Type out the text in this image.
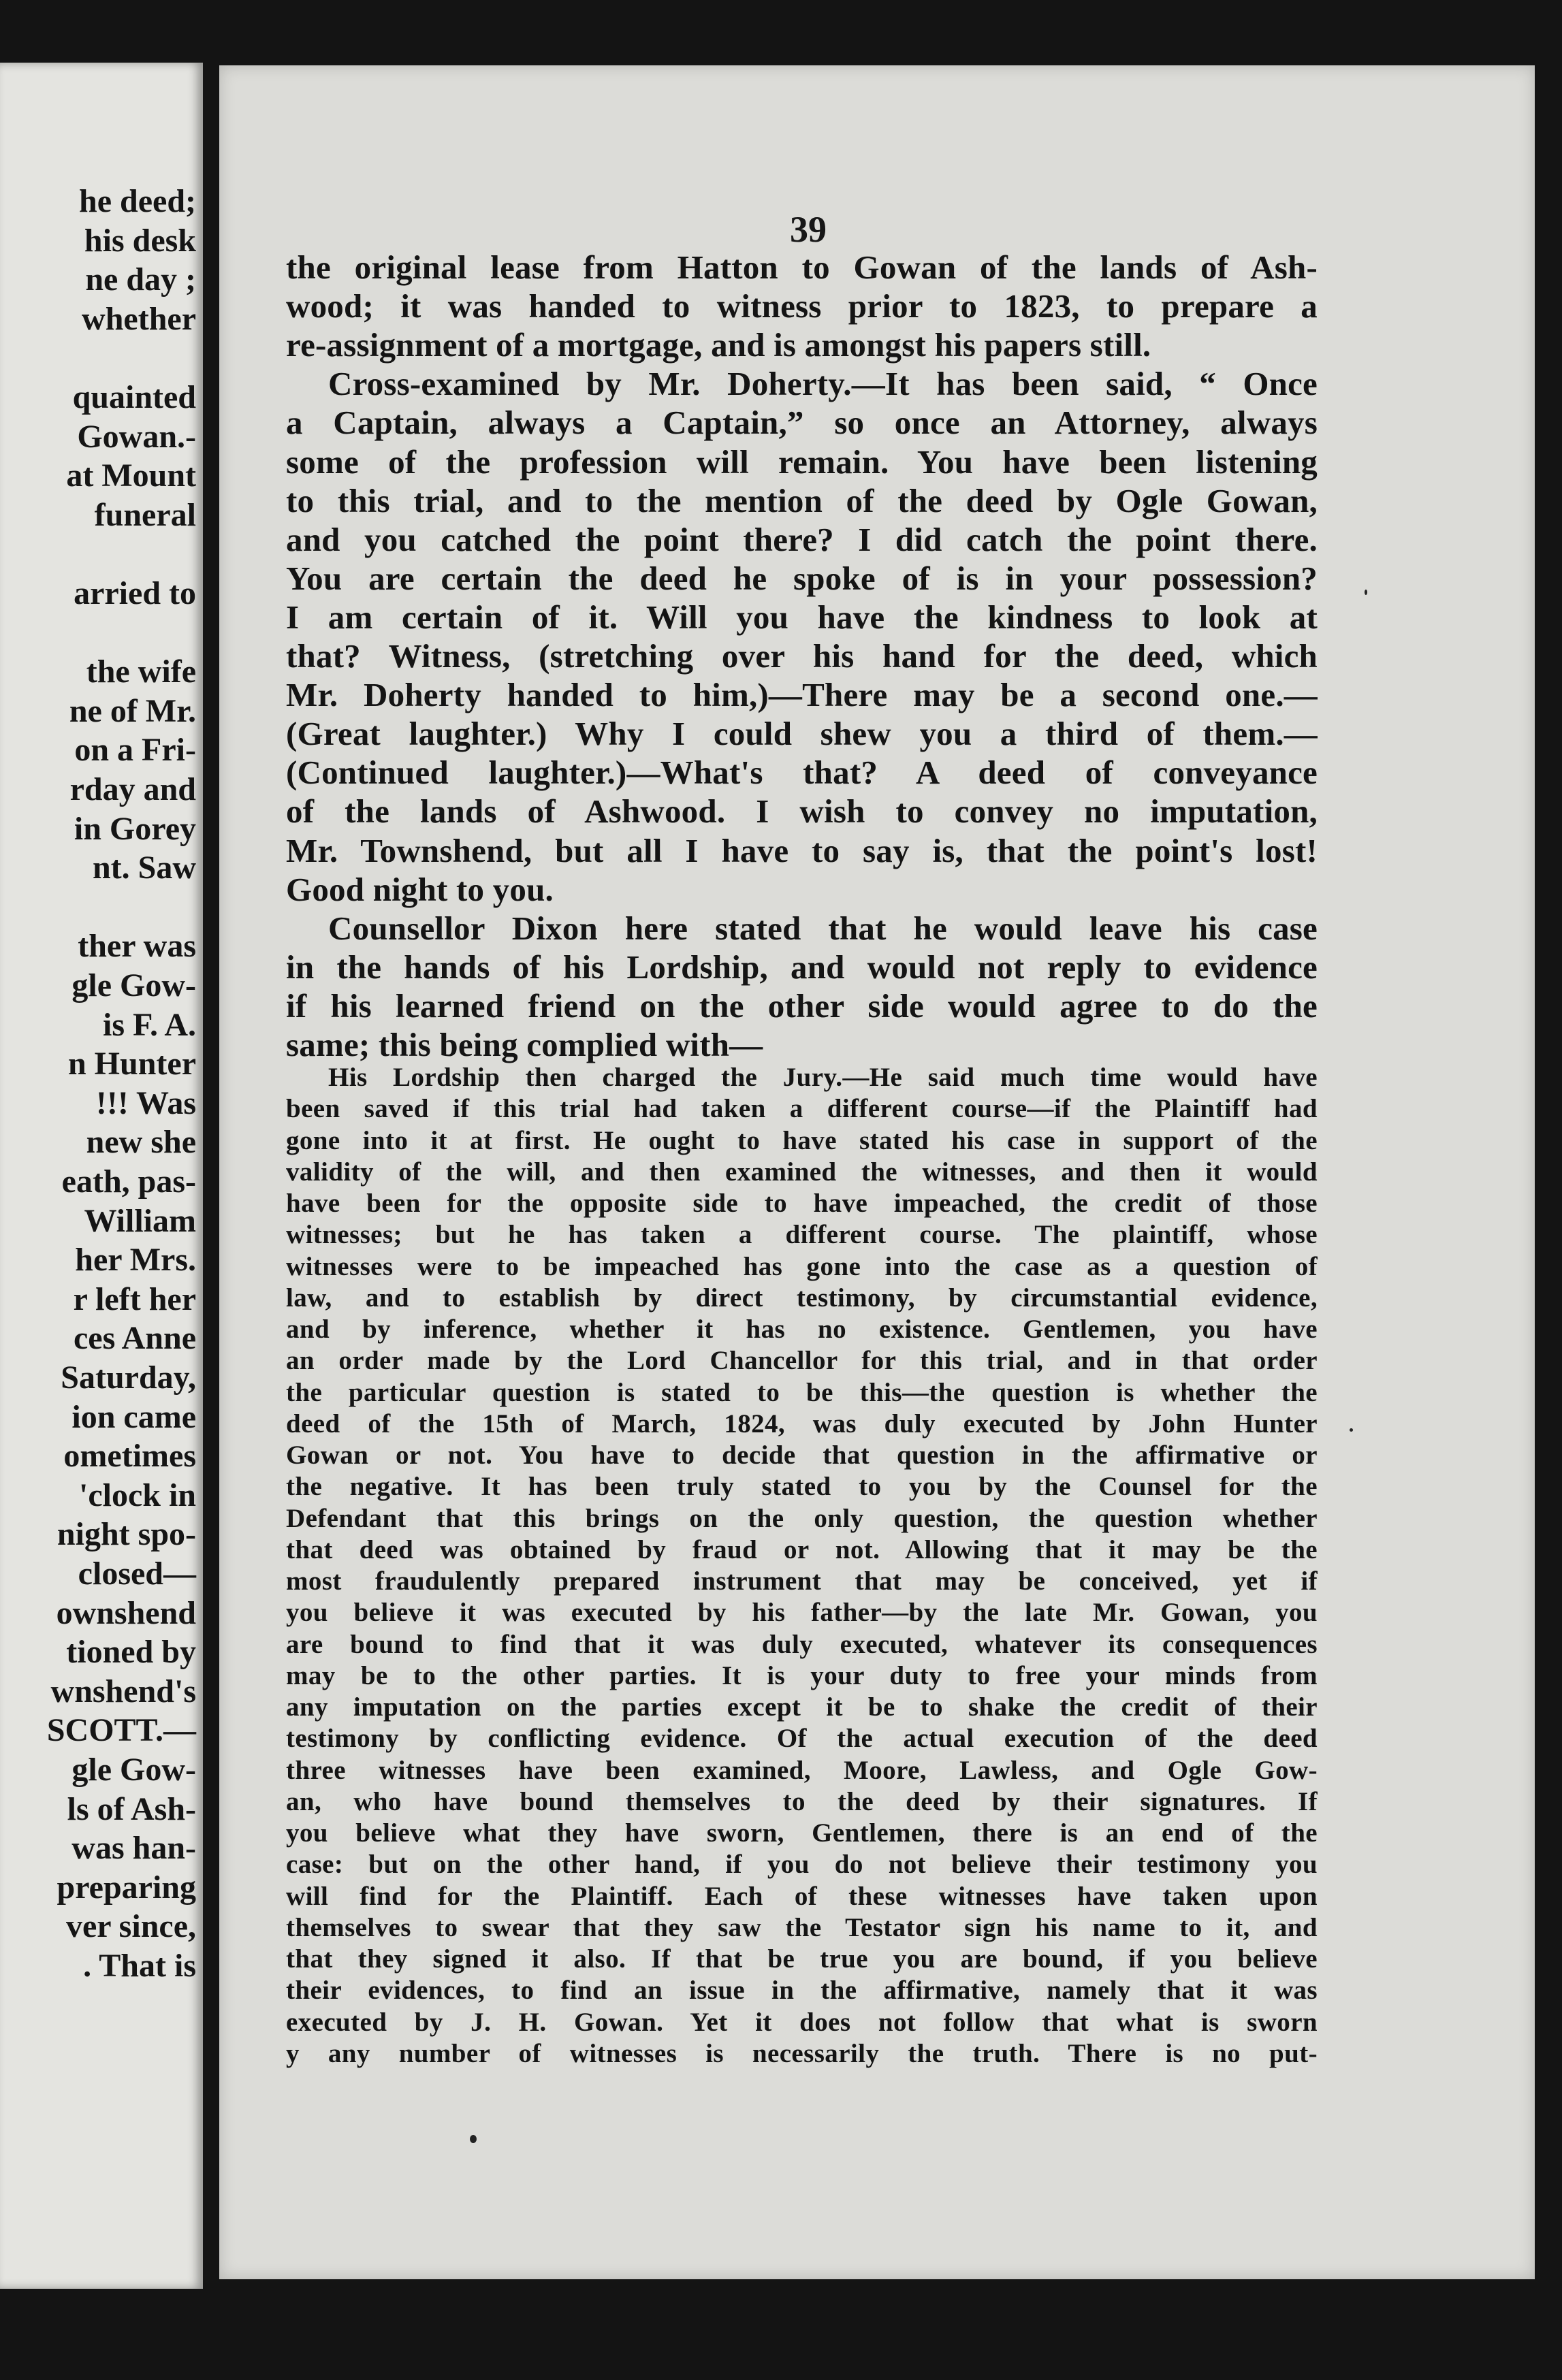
he deed;
his desk
ne day ;
whether
quainted
Gowan.-
at Mount
funeral
arried to
the wife
ne of Mr.
on a Fri-
rday and
in Gorey
nt. Saw
ther was
gle Gow-
is F. A.
n Hunter
!!! Was
new she
eath, pas-
William
her Mrs.
r left her
ces Anne
Saturday,
ion came
ometimes
'clock in
night spo-
closed—
ownshend
tioned by
wnshend's
SCOTT.—
gle Gow-
ls of Ash-
was han-
preparing
ver since,
. That is
39
the original lease from Hatton to Gowan of the lands of Ash-
wood; it was handed to witness prior to 1823, to prepare a
re-assignment of a mortgage, and is amongst his papers still.
Cross-examined by Mr. Doherty.—It has been said, “ Once
a Captain, always a Captain,” so once an Attorney, always
some of the profession will remain. You have been listening
to this trial, and to the mention of the deed by Ogle Gowan,
and you catched the point there? I did catch the point there.
You are certain the deed he spoke of is in your possession?
I am certain of it. Will you have the kindness to look at
that? Witness, (stretching over his hand for the deed, which
Mr. Doherty handed to him,)—There may be a second one.—
(Great laughter.) Why I could shew you a third of them.—
(Continued laughter.)—What's that? A deed of conveyance
of the lands of Ashwood. I wish to convey no imputation,
Mr. Townshend, but all I have to say is, that the point's lost!
Good night to you.
Counsellor Dixon here stated that he would leave his case
in the hands of his Lordship, and would not reply to evidence
if his learned friend on the other side would agree to do the
same; this being complied with—
His Lordship then charged the Jury.—He said much time would have
been saved if this trial had taken a different course—if the Plaintiff had
gone into it at first. He ought to have stated his case in support of the
validity of the will, and then examined the witnesses, and then it would
have been for the opposite side to have impeached, the credit of those
witnesses; but he has taken a different course. The plaintiff, whose
witnesses were to be impeached has gone into the case as a question of
law, and to establish by direct testimony, by circumstantial evidence,
and by inference, whether it has no existence. Gentlemen, you have
an order made by the Lord Chancellor for this trial, and in that order
the particular question is stated to be this—the question is whether the
deed of the 15th of March, 1824, was duly executed by John Hunter
Gowan or not. You have to decide that question in the affirmative or
the negative. It has been truly stated to you by the Counsel for the
Defendant that this brings on the only question, the question whether
that deed was obtained by fraud or not. Allowing that it may be the
most fraudulently prepared instrument that may be conceived, yet if
you believe it was executed by his father—by the late Mr. Gowan, you
are bound to find that it was duly executed, whatever its consequences
may be to the other parties. It is your duty to free your minds from
any imputation on the parties except it be to shake the credit of their
testimony by conflicting evidence. Of the actual execution of the deed
three witnesses have been examined, Moore, Lawless, and Ogle Gow-
an, who have bound themselves to the deed by their signatures. If
you believe what they have sworn, Gentlemen, there is an end of the
case: but on the other hand, if you do not believe their testimony you
will find for the Plaintiff. Each of these witnesses have taken upon
themselves to swear that they saw the Testator sign his name to it, and
that they signed it also. If that be true you are bound, if you believe
their evidences, to find an issue in the affirmative, namely that it was
executed by J. H. Gowan. Yet it does not follow that what is sworn
y any number of witnesses is necessarily the truth. There is no put-
